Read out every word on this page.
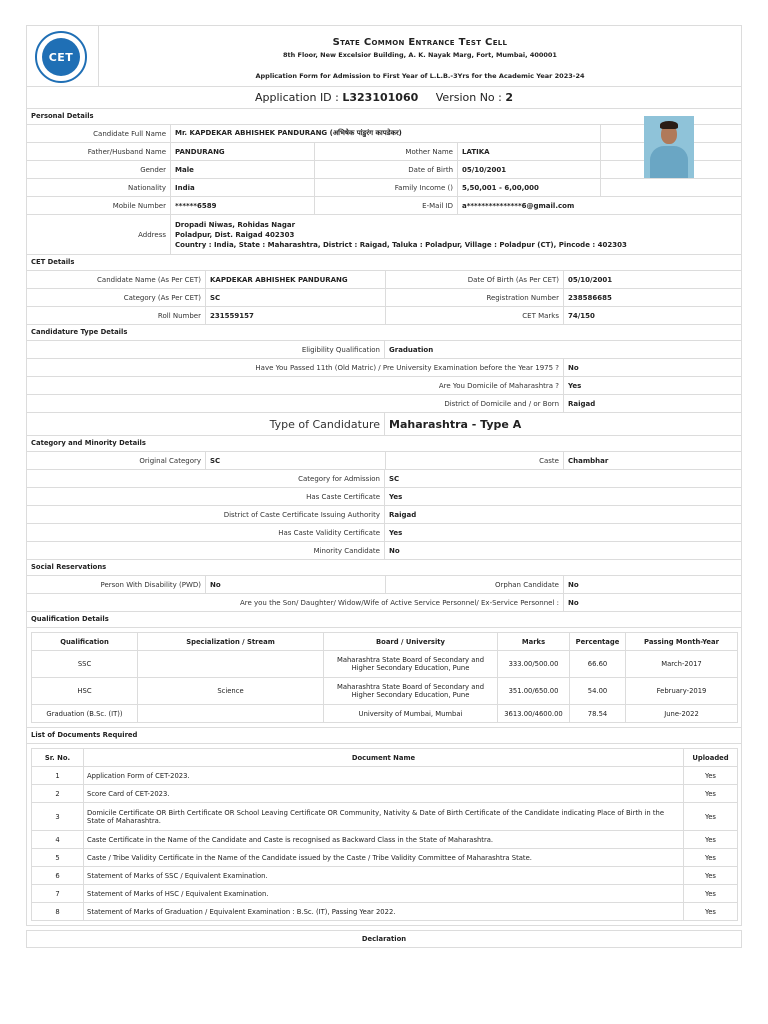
CET
State Common Entrance Test Cell
8th Floor, New Excelsior Building, A. K. Nayak Marg, Fort, Mumbai, 400001
Application Form for Admission to First Year of L.L.B.-3Yrs for the Academic Year 2023-24
Application ID : L323101060 Version No : 2
Personal Details
Candidate Full Name	Mr. KAPDEKAR ABHISHEK PANDURANG (अभिषेक पांडुरंग कापडेकर)
Father/Husband Name	PANDURANG	Mother Name	LATIKA
Gender	Male	Date of Birth	05/10/2001
Nationality	India	Family Income ()	5,50,001 - 6,00,000
Mobile Number	******6589	E-Mail ID	a***************6@gmail.com
Address
Dropadi Niwas, Rohidas Nagar
Poladpur, Dist. Raigad 402303
Country : India, State : Maharashtra, District : Raigad, Taluka : Poladpur, Village : Poladpur (CT), Pincode : 402303
CET Details
Candidate Name (As Per CET)	KAPDEKAR ABHISHEK PANDURANG	Date Of Birth (As Per CET)	05/10/2001
Category (As Per CET)	SC	Registration Number	238586685
Roll Number	231559157	CET Marks	74/150
Candidature Type Details
Eligibility Qualification	Graduation
Have You Passed 11th (Old Matric) / Pre University Examination before the Year 1975 ?	No
Are You Domicile of Maharashtra ?	Yes
District of Domicile and / or Born	Raigad
Type of Candidature Maharashtra - Type A
Category and Minority Details
Original Category	SC	Caste	Chambhar
Category for Admission	SC
Has Caste Certificate	Yes
District of Caste Certificate Issuing Authority	Raigad
Has Caste Validity Certificate	Yes
Minority Candidate	No
Social Reservations
Person With Disability (PWD)	No	Orphan Candidate	No
Are you the Son/ Daughter/ Widow/Wife of Active Service Personnel/ Ex-Service Personnel :	No
Qualification Details
Qualification	Specialization / Stream	Board / University	Marks	Percentage	Passing Month-Year
SSC		Maharashtra State Board of Secondary and Higher Secondary Education, Pune	333.00/500.00	66.60	March-2017
HSC	Science	Maharashtra State Board of Secondary and Higher Secondary Education, Pune	351.00/650.00	54.00	February-2019
Graduation (B.Sc. (IT))		University of Mumbai, Mumbai	3613.00/4600.00	78.54	June-2022
List of Documents Required
Sr. No.	Document Name	Uploaded
1	Application Form of CET-2023.	Yes
2	Score Card of CET-2023.	Yes
3	Domicile Certificate OR Birth Certificate OR School Leaving Certificate OR Community, Nativity & Date of Birth Certificate of the Candidate indicating Place of Birth in the State of Maharashtra.	Yes
4	Caste Certificate in the Name of the Candidate and Caste is recognised as Backward Class in the State of Maharashtra.	Yes
5	Caste / Tribe Validity Certificate in the Name of the Candidate issued by the Caste / Tribe Validity Committee of Maharashtra State.	Yes
6	Statement of Marks of SSC / Equivalent Examination.	Yes
7	Statement of Marks of HSC / Equivalent Examination.	Yes
8	Statement of Marks of Graduation / Equivalent Examination : B.Sc. (IT), Passing Year 2022.	Yes
Declaration
